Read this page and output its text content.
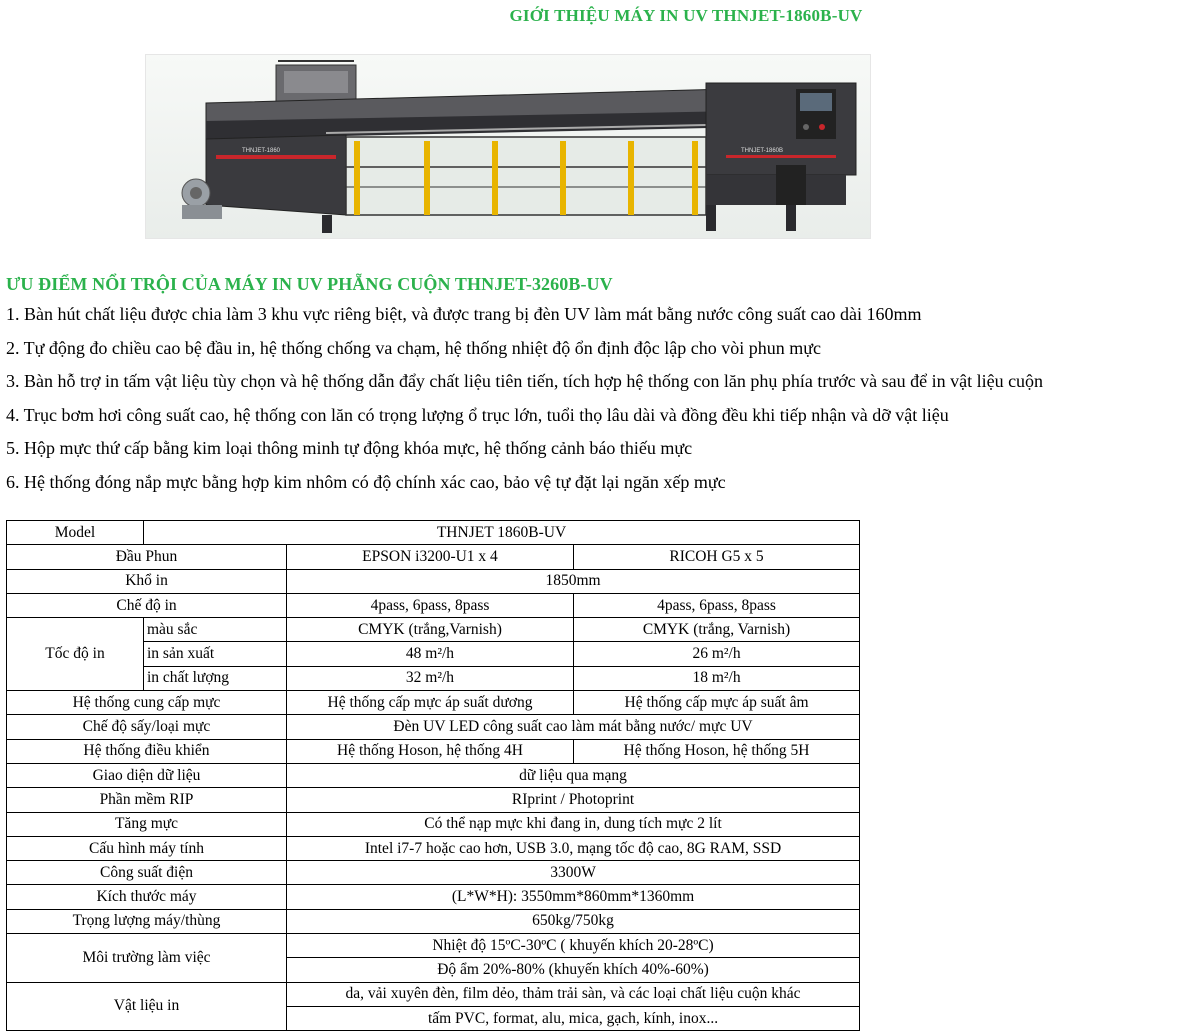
GIỚI THIỆU MÁY IN UV THNJET-1860B-UV
THNJET-1860	THNJET-1860B
ƯU ĐIỂM NỔI TRỘI CỦA MÁY IN UV PHẴNG CUỘN THNJET-3260B-UV
1. Bàn hút chất liệu được chia làm 3 khu vực riêng biệt, và được trang bị đèn UV làm mát bằng nước công suất cao dài 160mm
2. Tự động đo chiều cao bệ đầu in, hệ thống chống va chạm, hệ thống nhiệt độ ổn định độc lập cho vòi phun mực
3. Bàn hỗ trợ in tấm vật liệu tùy chọn và hệ thống dẫn đẩy chất liệu tiên tiến, tích hợp hệ thống con lăn phụ phía trước và sau để in vật liệu cuộn
4. Trục bơm hơi công suất cao, hệ thống con lăn có trọng lượng ổ trục lớn, tuổi thọ lâu dài và đồng đều khi tiếp nhận và dỡ vật liệu
5. Hộp mực thứ cấp bằng kim loại thông minh tự động khóa mực, hệ thống cảnh báo thiếu mực
6. Hệ thống đóng nắp mực bằng hợp kim nhôm có độ chính xác cao, bảo vệ tự đặt lại ngăn xếp mực
Model	THNJET 1860B-UV		
Đầu Phun		EPSON i3200-U1 x 4	RICOH G5 x 5
Khổ in		1850mm	
Chế độ in		4pass, 6pass, 8pass	4pass, 6pass, 8pass
Tốc độ in	màu sắc	CMYK (trắng,Varnish)	CMYK (trắng, Varnish)
	in sản xuất	48 m²/h	26 m²/h
	in chất lượng	32 m²/h	18 m²/h
Hệ thống cung cấp mực		Hệ thống cấp mực áp suất dương	Hệ thống cấp mực áp suất âm
Chế độ sấy/loại mực		Đèn UV LED công suất cao làm mát bằng nước/ mực UV	
Hệ thống điều khiển		Hệ thống Hoson, hệ thống 4H	Hệ thống Hoson, hệ thống 5H
Giao diện dữ liệu		dữ liệu qua mạng	
Phần mềm RIP		RIprint / Photoprint	
Tăng mực		Có thể nạp mực khi đang in, dung tích mực 2 lít	
Cấu hình máy tính		Intel i7-7 hoặc cao hơn, USB 3.0, mạng tốc độ cao, 8G RAM, SSD	
Công suất điện		3300W	
Kích thước máy		(L*W*H): 3550mm*860mm*1360mm	
Trọng lượng máy/thùng		650kg/750kg	
Môi trường làm việc		Nhiệt độ 15ºC-30ºC ( khuyến khích 20-28ºC)	
		Độ ẩm 20%-80% (khuyến khích 40%-60%)	
Vật liệu in		da, vải xuyên đèn, film dẻo, thảm trải sàn, và các loại chất liệu cuộn khác	
		tấm PVC, format, alu, mica, gạch, kính, inox...	
